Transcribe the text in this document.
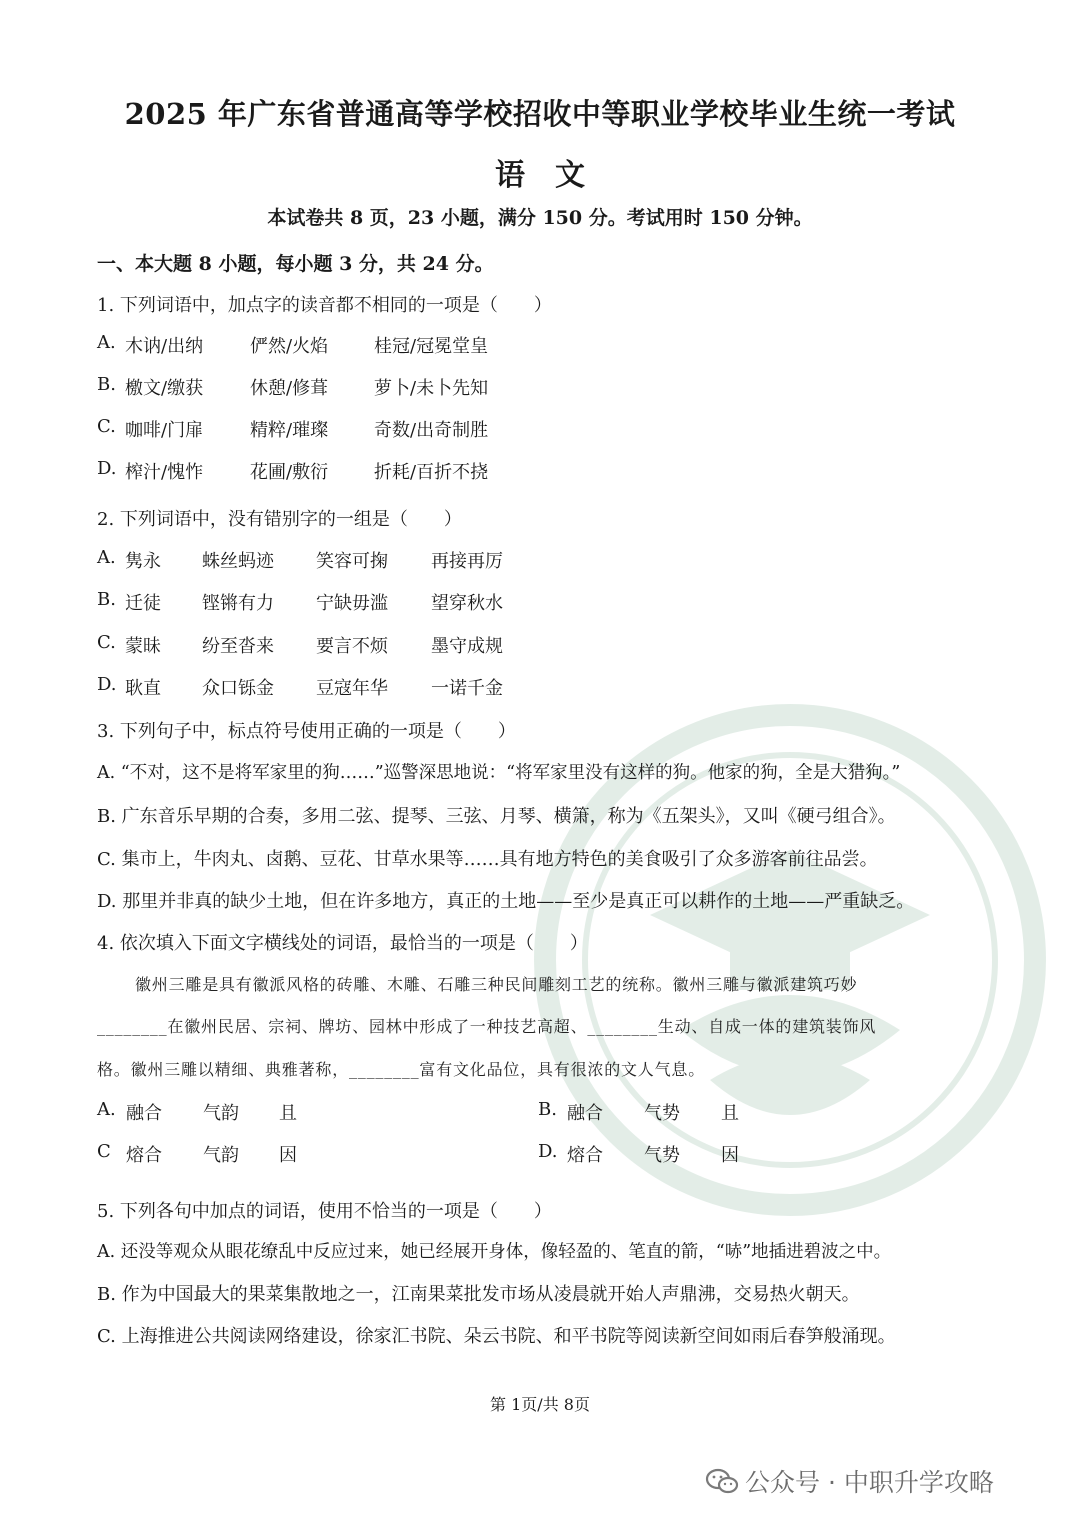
2025 年广东省普通高等学校招收中等职业学校毕业生统一考试
语文
本试卷共 8 页，23 小题，满分 150 分。考试用时 150 分钟。
一、本大题 8 小题，每小题 3 分，共 24 分。
1. 下列词语中，加点字的读音都不相同的一项是（　　）
A. 木讷/出纳	俨然/火焰	桂冠/冠冕堂皇
B. 檄文/缴获	休憩/修葺	萝卜/未卜先知
C. 咖啡/门扉	精粹/璀璨	奇数/出奇制胜
D. 榨汁/愧怍	花圃/敷衍	折耗/百折不挠
2. 下列词语中，没有错别字的一组是（　　）
A. 隽永 蛛丝蚂迹 笑容可掬 再接再厉
B. 迁徒 铿锵有力 宁缺毋滥 望穿秋水
C. 蒙昧 纷至沓来 要言不烦 墨守成规
D. 耿直 众口铄金 豆寇年华 一诺千金
3. 下列句子中，标点符号使用正确的一项是（　　）
A. “不对，这不是将军家里的狗……”巡警深思地说：“将军家里没有这样的狗。他家的狗，全是大猎狗。”
B. 广东音乐早期的合奏，多用二弦、提琴、三弦、月琴、横箫，称为《五架头》，又叫《硬弓组合》。
C. 集市上，牛肉丸、卤鹅、豆花、甘草水果等……具有地方特色的美食吸引了众多游客前往品尝。
D. 那里并非真的缺少土地，但在许多地方，真正的土地——至少是真正可以耕作的土地——严重缺乏。
4. 依次填入下面文字横线处的词语，最恰当的一项是（　　）
徽州三雕是具有徽派风格的砖雕、木雕、石雕三种民间雕刻工艺的统称。徽州三雕与徽派建筑巧妙
________在徽州民居、宗祠、牌坊、园林中形成了一种技艺高超、________生动、自成一体的建筑装饰风
格。徽州三雕以精细、典雅著称，________富有文化品位，具有很浓的文人气息。
A. 融合 气韵 且	B. 融合 气势 且
C 熔合 气韵 因	D. 熔合 气势 因
5. 下列各句中加点的词语，使用不恰当的一项是（　　）
A. 还没等观众从眼花缭乱中反应过来，她已经展开身体，像轻盈的、笔直的箭，“哧”地插进碧波之中。
B. 作为中国最大的果菜集散地之一，江南果菜批发市场从凌晨就开始人声鼎沸，交易热火朝天。
C. 上海推进公共阅读网络建设，徐家汇书院、朵云书院、和平书院等阅读新空间如雨后春笋般涌现。
第 1页/共 8页
公众号 · 中职升学攻略
